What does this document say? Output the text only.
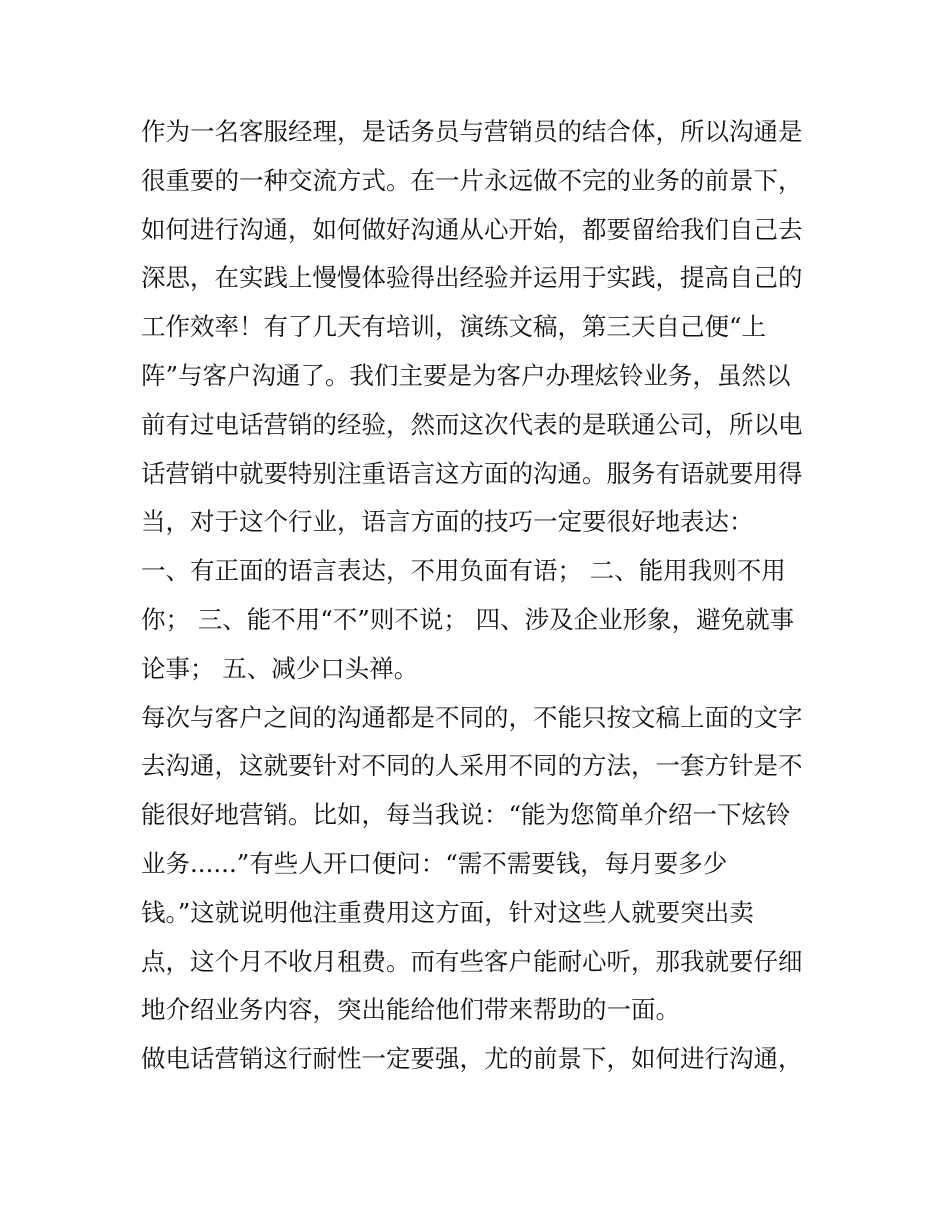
作为一名客服经理，是话务员与营销员的结合体，所以沟通是
很重要的一种交流方式。在一片永远做不完的业务的前景下，
如何进行沟通，如何做好沟通从心开始，都要留给我们自己去
深思，在实践上慢慢体验得出经验并运用于实践，提高自己的
工作效率！有了几天有培训，演练文稿，第三天自己便“上
阵”与客户沟通了。我们主要是为客户办理炫铃业务，虽然以
前有过电话营销的经验，然而这次代表的是联通公司，所以电
话营销中就要特别注重语言这方面的沟通。服务有语就要用得
当，对于这个行业，语言方面的技巧一定要很好地表达：
一、有正面的语言表达，不用负面有语； 二、能用我则不用
你； 三、能不用“不”则不说； 四、涉及企业形象，避免就事
论事； 五、减少口头禅。
每次与客户之间的沟通都是不同的，不能只按文稿上面的文字
去沟通，这就要针对不同的人采用不同的方法，一套方针是不
能很好地营销。比如，每当我说：“能为您简单介绍一下炫铃
业务......”有些人开口便问：“需不需要钱，每月要多少
钱。”这就说明他注重费用这方面，针对这些人就要突出卖
点，这个月不收月租费。而有些客户能耐心听，那我就要仔细
地介绍业务内容，突出能给他们带来帮助的一面。
做电话营销这行耐性一定要强，尤的前景下，如何进行沟通，
